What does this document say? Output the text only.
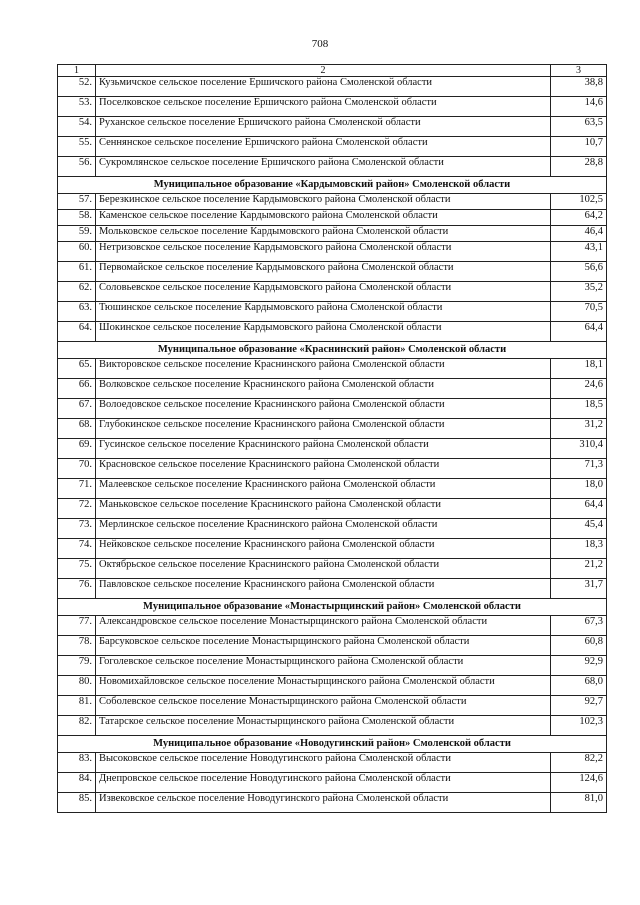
708
1	2	3
52.	Кузьмичское сельское поселение Ершичского района Смоленской области	38,8
53.	Поселковское сельское поселение Ершичского района Смоленской области	14,6
54.	Руханское сельское поселение Ершичского района Смоленской области	63,5
55.	Сеннянское сельское поселение Ершичского района Смоленской области	10,7
56.	Сукромлянское сельское поселение Ершичского района Смоленской области	28,8
Муниципальное образование «Кардымовский район» Смоленской области		
57.	Березкинское сельское поселение Кардымовского района Смоленской области	102,5
58.	Каменское сельское поселение Кардымовского района Смоленской области	64,2
59.	Мольковское сельское поселение Кардымовского района Смоленской области	46,4
60.	Нетризовское сельское поселение Кардымовского района Смоленской области	43,1
61.	Первомайское сельское поселение Кардымовского района Смоленской области	56,6
62.	Соловьевское сельское поселение Кардымовского района Смоленской области	35,2
63.	Тюшинское сельское поселение Кардымовского района Смоленской области	70,5
64.	Шокинское сельское поселение Кардымовского района Смоленской области	64,4
Муниципальное образование «Краснинский район» Смоленской области		
65.	Викторовское сельское поселение Краснинского района Смоленской области	18,1
66.	Волковское сельское поселение Краснинского района Смоленской области	24,6
67.	Волоедовское сельское поселение Краснинского района Смоленской области	18,5
68.	Глубокинское сельское поселение Краснинского района Смоленской области	31,2
69.	Гусинское сельское поселение Краснинского района Смоленской области	310,4
70.	Красновское сельское поселение Краснинского района Смоленской области	71,3
71.	Малеевское сельское поселение Краснинского района Смоленской области	18,0
72.	Маньковское сельское поселение Краснинского района Смоленской области	64,4
73.	Мерлинское сельское поселение Краснинского района Смоленской области	45,4
74.	Нейковское сельское поселение Краснинского района Смоленской области	18,3
75.	Октябрьское сельское поселение Краснинского района Смоленской области	21,2
76.	Павловское сельское поселение Краснинского района Смоленской области	31,7
Муниципальное образование «Монастырщинский район» Смоленской области		
77.	Александровское сельское поселение Монастырщинского района Смоленской области	67,3
78.	Барсуковское сельское поселение Монастырщинского района Смоленской области	60,8
79.	Гоголевское сельское поселение Монастырщинского района Смоленской области	92,9
80.	Новомихайловское сельское поселение Монастырщинского района Смоленской области	68,0
81.	Соболевское сельское поселение Монастырщинского района Смоленской области	92,7
82.	Татарское сельское поселение Монастырщинского района Смоленской области	102,3
Муниципальное образование «Новодугинский район» Смоленской области		
83.	Высоковское сельское поселение Новодугинского района Смоленской области	82,2
84.	Днепровское сельское поселение Новодугинского района Смоленской области	124,6
85.	Извековское сельское поселение Новодугинского района Смоленской области	81,0
